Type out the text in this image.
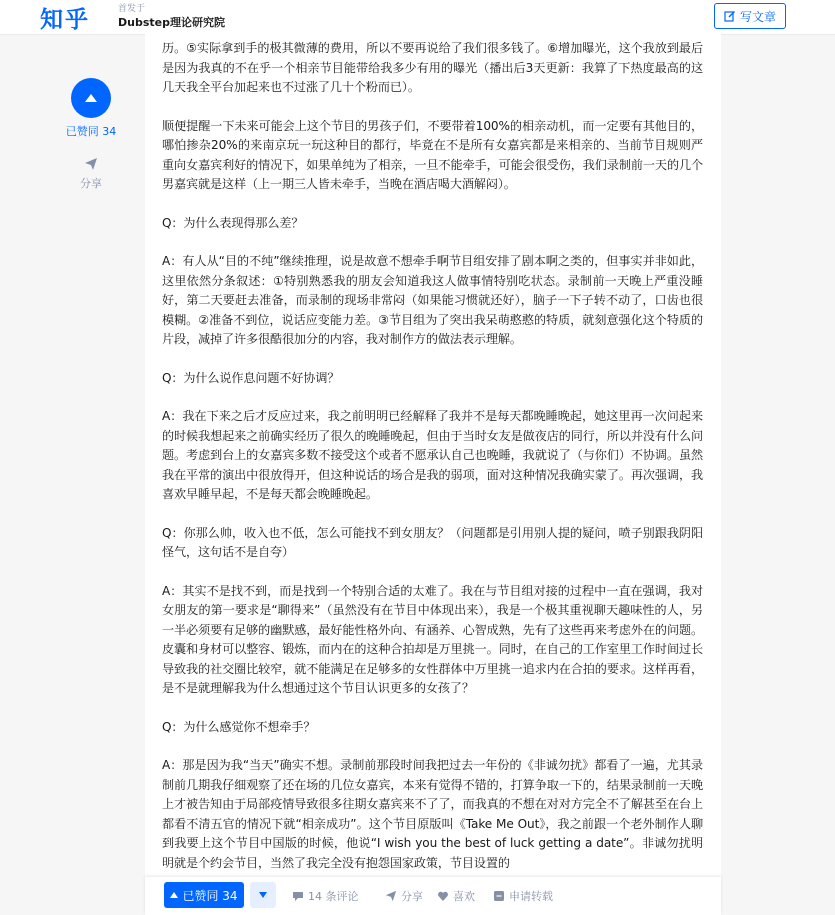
知乎	首发于
Dubstep理论研究院	写文章
已赞同 34
分享

历。⑤实际拿到手的极其微薄的费用，所以不要再说给了我们很多钱了。⑥增加曝光，这个我放到最后是因为我真的不在乎一个相亲节目能带给我多少有用的曝光（播出后3天更新：我算了下热度最高的这几天我全平台加起来也不过涨了几十个粉而已）。

顺便提醒一下未来可能会上这个节目的男孩子们，不要带着100%的相亲动机，而一定要有其他目的，哪怕掺杂20%的来南京玩一玩这种目的都行，毕竟在不是所有女嘉宾都是来相亲的、当前节目规则严重向女嘉宾利好的情况下，如果单纯为了相亲，一旦不能牵手，可能会很受伤，我们录制前一天的几个男嘉宾就是这样（上一期三人皆未牵手，当晚在酒店喝大酒解闷）。

Q：为什么表现得那么差？

A：有人从“目的不纯”继续推理，说是故意不想牵手啊节目组安排了剧本啊之类的，但事实并非如此，这里依然分条叙述：①特别熟悉我的朋友会知道我这人做事情特别吃状态。录制前一天晚上严重没睡好，第二天要赶去准备，而录制的现场非常闷（如果能习惯就还好），脑子一下子转不动了，口齿也很模糊。②准备不到位，说话应变能力差。③节目组为了突出我呆萌憨憨的特质，就刻意强化这个特质的片段，减掉了许多很酷很加分的内容，我对制作方的做法表示理解。

Q：为什么说作息问题不好协调？

A：我在下来之后才反应过来，我之前明明已经解释了我并不是每天都晚睡晚起，她这里再一次问起来的时候我想起来之前确实经历了很久的晚睡晚起，但由于当时女友是做夜店的同行，所以并没有什么问题。考虑到台上的女嘉宾多数不接受这个或者不愿承认自己也晚睡，我就说了（与你们）不协调。虽然我在平常的演出中很放得开，但这种说话的场合是我的弱项，面对这种情况我确实蒙了。再次强调，我喜欢早睡早起，不是每天都会晚睡晚起。

Q：你那么帅，收入也不低，怎么可能找不到女朋友？（问题都是引用别人提的疑问，喷子别跟我阴阳怪气，这句话不是自夸）

A：其实不是找不到，而是找到一个特别合适的太难了。我在与节目组对接的过程中一直在强调，我对女朋友的第一要求是“聊得来”（虽然没有在节目中体现出来），我是一个极其重视聊天趣味性的人，另一半必须要有足够的幽默感，最好能性格外向、有涵养、心智成熟，先有了这些再来考虑外在的问题。皮囊和身材可以整容、锻炼，而内在的这种合拍却是万里挑一。同时，在自己的工作室里工作时间过长导致我的社交圈比较窄，就不能满足在足够多的女性群体中万里挑一追求内在合拍的要求。这样再看，是不是就理解我为什么想通过这个节目认识更多的女孩了？

Q：为什么感觉你不想牵手？

A：那是因为我“当天”确实不想。录制前那段时间我把过去一年份的《非诚勿扰》都看了一遍，尤其录制前几期我仔细观察了还在场的几位女嘉宾，本来有觉得不错的，打算争取一下的，结果录制前一天晚上才被告知由于局部疫情导致很多往期女嘉宾来不了了，而我真的不想在对对方完全不了解甚至在台上都看不清五官的情况下就“相亲成功”。这个节目原版叫《Take Me Out》，我之前跟一个老外制作人聊到我要上这个节目中国版的时候，他说“I wish you the best of luck getting a date”。非诚勿扰明明就是个约会节目，当然了我完全没有抱怨国家政策，节目设置的

已赞同 34	14 条评论	分享	喜欢	申请转载
